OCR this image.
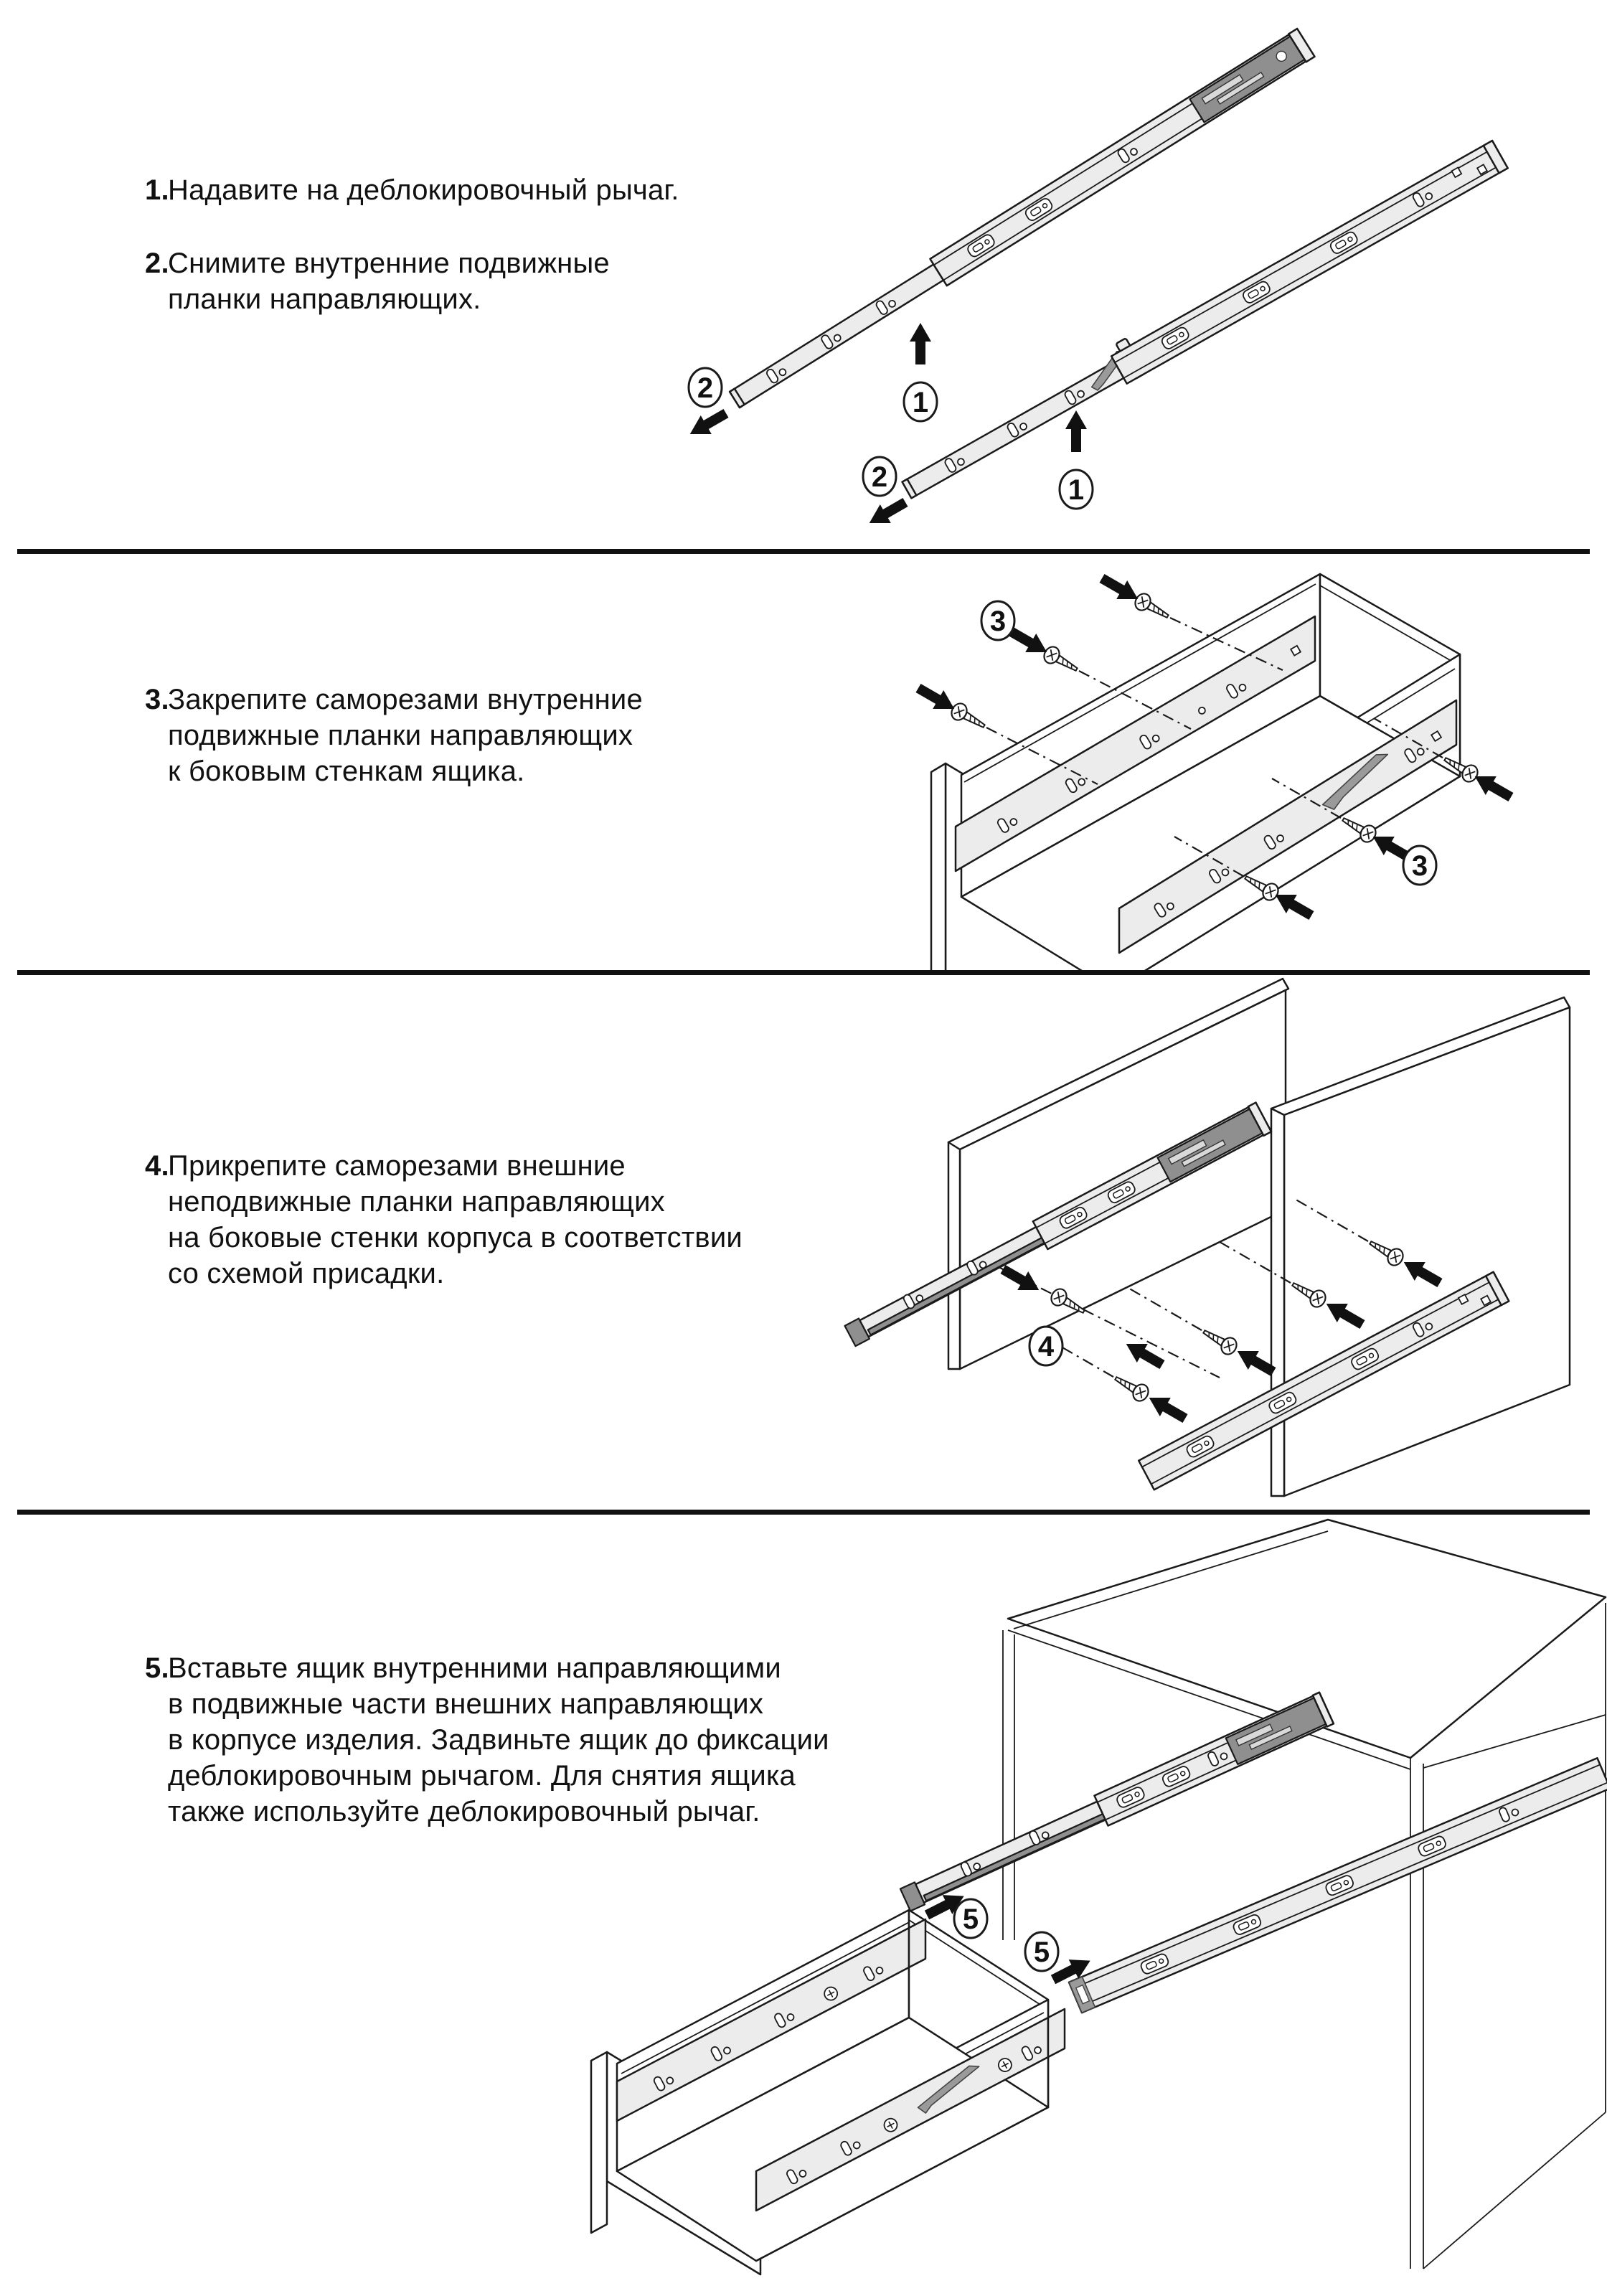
1.
Надавите на деблокировочный рычаг.
2.
Снимите внутренние подвижные
планки направляющих.
3.
Закрепите саморезами внутренние
подвижные планки направляющих
к боковым стенкам ящика.
4.
Прикрепите саморезами внешние
неподвижные планки направляющих
на боковые стенки корпуса в соответствии
со схемой присадки.
5.
Вставьте ящик внутренними направляющими
в подвижные части внешних направляющих
в корпусе изделия. Задвиньте ящик до фиксации
деблокировочным рычагом. Для снятия ящика
также используйте деблокировочный рычаг.
1
2
1
2
3
3
4
5
5
